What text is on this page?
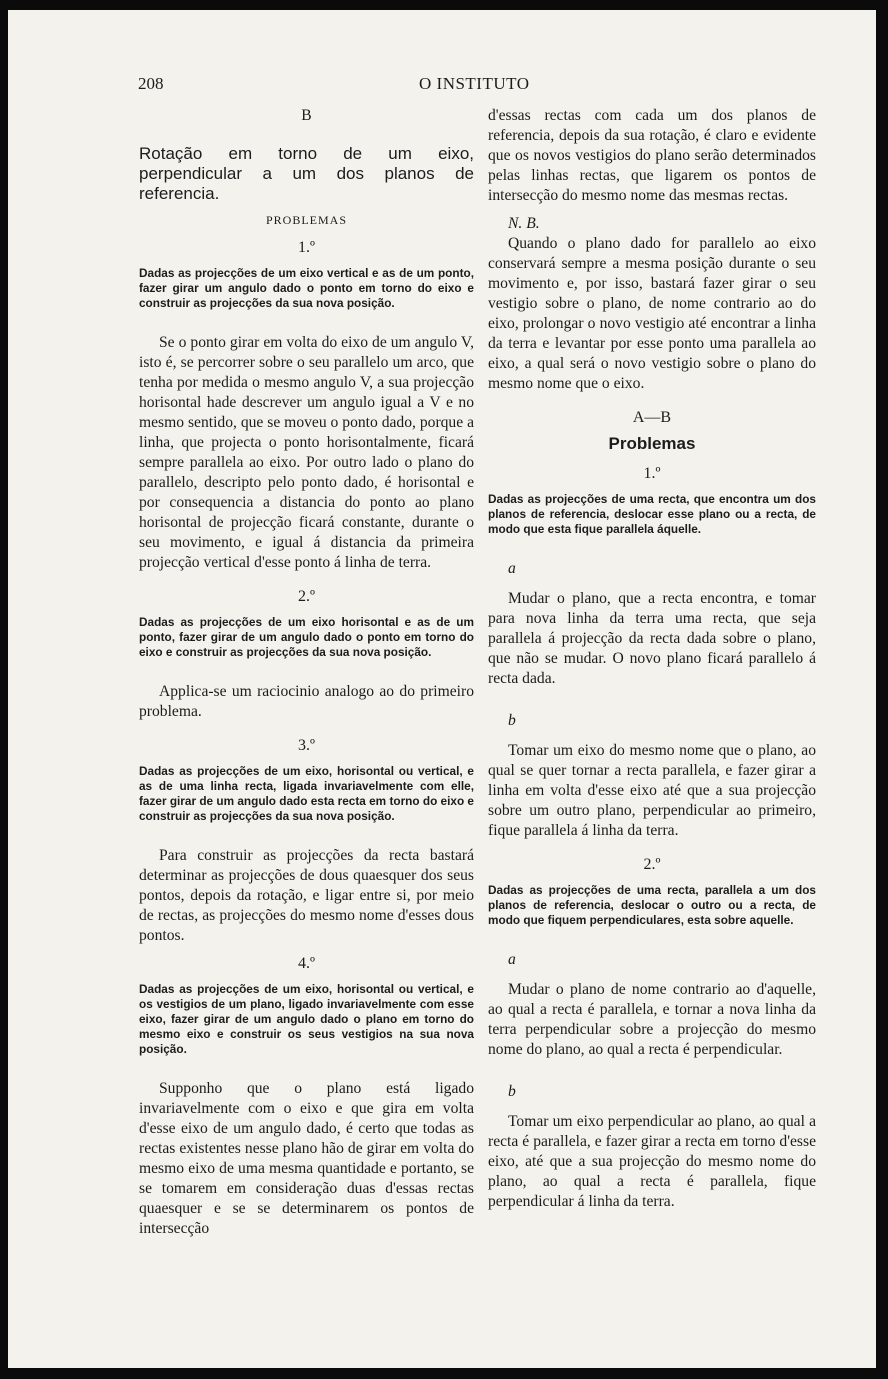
208	O INSTITUTO
B
Rotação em torno de um eixo, perpendicular a um dos planos de referencia.
PROBLEMAS
1.º
Dadas as projecções de um eixo vertical e as de um ponto, fazer girar um angulo dado o ponto em torno do eixo e construir as projecções da sua nova posição.
Se o ponto girar em volta do eixo de um angulo V, isto é, se percorrer sobre o seu parallelo um arco, que tenha por medida o mesmo angulo V, a sua projecção horisontal hade descrever um angulo igual a V e no mesmo sentido, que se moveu o ponto dado, porque a linha, que projecta o ponto horisontalmente, ficará sempre parallela ao eixo. Por outro lado o plano do parallelo, descripto pelo ponto dado, é horisontal e por consequencia a distancia do ponto ao plano horisontal de projecção ficará constante, durante o seu movimento, e igual á distancia da primeira projecção vertical d'esse ponto á linha de terra.
2.º
Dadas as projecções de um eixo horisontal e as de um ponto, fazer girar de um angulo dado o ponto em torno do eixo e construir as projecções da sua nova posição.
Applica-se um raciocinio analogo ao do primeiro problema.
3.º
Dadas as projecções de um eixo, horisontal ou vertical, e as de uma linha recta, ligada invariavelmente com elle, fazer girar de um angulo dado esta recta em torno do eixo e construir as projecções da sua nova posição.
Para construir as projecções da recta bastará determinar as projecções de dous quaesquer dos seus pontos, depois da rotação, e ligar entre si, por meio de rectas, as projecções do mesmo nome d'esses dous pontos.
4.º
Dadas as projecções de um eixo, horisontal ou vertical, e os vestigios de um plano, ligado invariavelmente com esse eixo, fazer girar de um angulo dado o plano em torno do mesmo eixo e construir os seus vestigios na sua nova posição.
Supponho que o plano está ligado invariavelmente com o eixo e que gira em volta d'esse eixo de um angulo dado, é certo que todas as rectas existentes nesse plano hão de girar em volta do mesmo eixo de uma mesma quantidade e portanto, se se tomarem em consideração duas d'essas rectas quaesquer e se se determinarem os pontos de intersecção
d'essas rectas com cada um dos planos de referencia, depois da sua rotação, é claro e evidente que os novos vestigios do plano serão determinados pelas linhas rectas, que ligarem os pontos de intersecção do mesmo nome das mesmas rectas.
N. B.
Quando o plano dado for parallelo ao eixo conservará sempre a mesma posição durante o seu movimento e, por isso, bastará fazer girar o seu vestigio sobre o plano, de nome contrario ao do eixo, prolongar o novo vestigio até encontrar a linha da terra e levantar por esse ponto uma parallela ao eixo, a qual será o novo vestigio sobre o plano do mesmo nome que o eixo.
A—B
Problemas
1.º
Dadas as projecções de uma recta, que encontra um dos planos de referencia, deslocar esse plano ou a recta, de modo que esta fique parallela áquelle.
a
Mudar o plano, que a recta encontra, e tomar para nova linha da terra uma recta, que seja parallela á projecção da recta dada sobre o plano, que não se mudar. O novo plano ficará parallelo á recta dada.
b
Tomar um eixo do mesmo nome que o plano, ao qual se quer tornar a recta parallela, e fazer girar a linha em volta d'esse eixo até que a sua projecção sobre um outro plano, perpendicular ao primeiro, fique parallela á linha da terra.
2.º
Dadas as projecções de uma recta, parallela a um dos planos de referencia, deslocar o outro ou a recta, de modo que fiquem perpendiculares, esta sobre aquelle.
a
Mudar o plano de nome contrario ao d'aquelle, ao qual a recta é parallela, e tornar a nova linha da terra perpendicular sobre a projecção do mesmo nome do plano, ao qual a recta é perpendicular.
b
Tomar um eixo perpendicular ao plano, ao qual a recta é parallela, e fazer girar a recta em torno d'esse eixo, até que a sua projecção do mesmo nome do plano, ao qual a recta é parallela, fique perpendicular á linha da terra.
